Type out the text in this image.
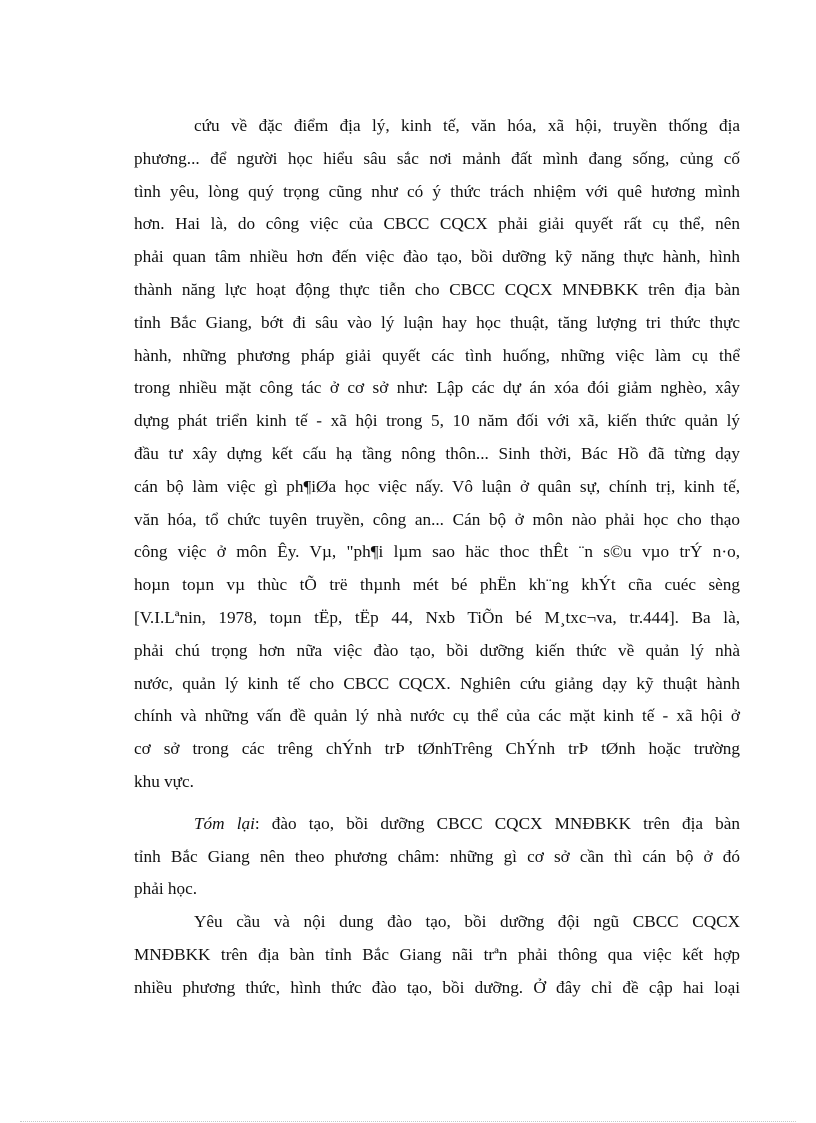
cứu về đặc điểm địa lý, kinh tế, văn hóa, xã hội, truyền thống địa
phương... để người học hiểu sâu sắc nơi mảnh đất mình đang sống, củng cố
tình yêu, lòng quý trọng cũng như có ý thức trách nhiệm với quê hương mình
hơn. Hai là, do công việc của CBCC CQCX phải giải quyết rất cụ thể, nên
phải quan tâm nhiều hơn đến việc đào tạo, bồi dưỡng kỹ năng thực hành, hình
thành năng lực hoạt động thực tiễn cho CBCC CQCX MNĐBKK trên địa bàn
tỉnh Bắc Giang, bớt đi sâu vào lý luận hay học thuật, tăng lượng tri thức thực
hành, những phương pháp giải quyết các tình huống, những việc làm cụ thể
trong nhiều mặt công tác ở cơ sở như: Lập các dự án xóa đói giảm nghèo, xây
dựng phát triển kinh tế - xã hội trong 5, 10 năm đối với xã, kiến thức quản lý
đầu tư xây dựng kết cấu hạ tầng nông thôn... Sinh thời, Bác Hồ đã từng dạy
cán bộ làm việc gì ph¶iØa học việc nấy. Vô luận ở quân sự, chính trị, kinh tế,
văn hóa, tổ chức tuyên truyền, công an... Cán bộ ở môn nào phải học cho thạo
công việc ở môn Êy. Vµ, "ph¶i lµm sao häc thoc thÊt ¨n s©u vµo trÝ n·o,
hoµn toµn vµ thùc tÕ trë thµnh mét bé phËn kh¨ng khÝt cña cuéc sèng
[V.I.Lªnin, 1978, toµn tËp, tËp 44, Nxb TiÕn bé M¸txc¬va, tr.444]. Ba là,
phải chú trọng hơn nữa việc đào tạo, bồi dưỡng kiến thức về quản lý nhà
nước, quản lý kinh tế cho CBCC CQCX. Nghiên cứu giảng dạy kỹ thuật hành
chính và những vấn đề quản lý nhà nước cụ thể của các mặt kinh tế - xã hội ở
cơ sở trong các trêng chÝnh trÞ tØnhTrêng ChÝnh trÞ tØnh hoặc trường
khu vực.
Tóm lại: đào tạo, bồi dưỡng CBCC CQCX MNĐBKK trên địa bàn
tỉnh Bắc Giang nên theo phương châm: những gì cơ sở cần thì cán bộ ở đó
phải học.
Yêu cầu và nội dung đào tạo, bồi dưỡng đội ngũ CBCC CQCX
MNĐBKK trên địa bàn tỉnh Bắc Giang nãi trªn phải thông qua việc kết hợp
nhiều phương thức, hình thức đào tạo, bồi dưỡng. Ở đây chỉ đề cập hai loại
